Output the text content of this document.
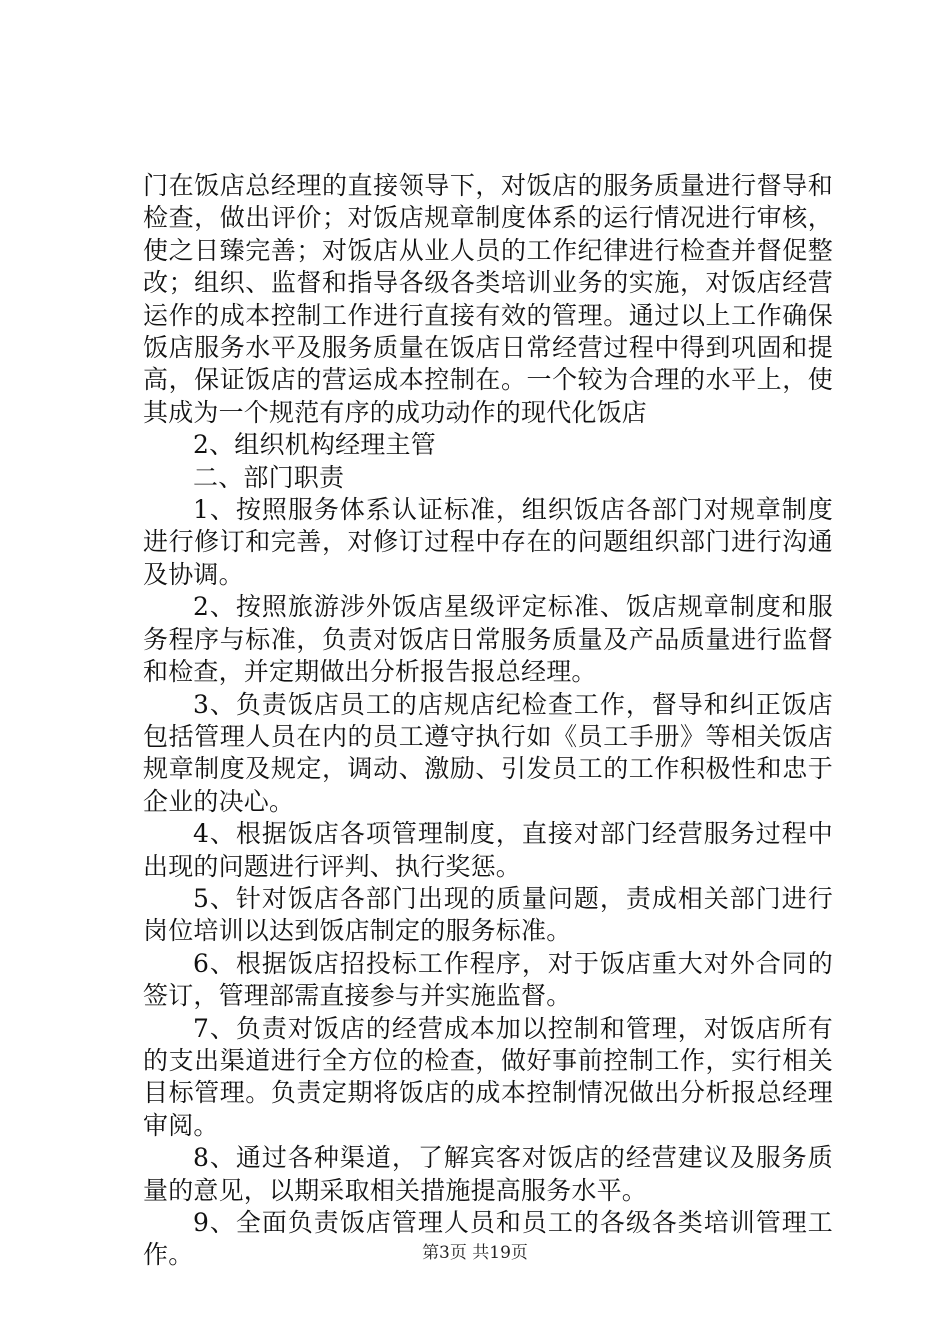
门在饭店总经理的直接领导下，对饭店的服务质量进行督导和检查，做出评价；对饭店规章制度体系的运行情况进行审核，使之日臻完善；对饭店从业人员的工作纪律进行检查并督促整改；组织、监督和指导各级各类培训业务的实施，对饭店经营运作的成本控制工作进行直接有效的管理。通过以上工作确保饭店服务水平及服务质量在饭店日常经营过程中得到巩固和提高，保证饭店的营运成本控制在。一个较为合理的水平上，使其成为一个规范有序的成功动作的现代化饭店

2、组织机构经理主管

二、部门职责

1、按照服务体系认证标准，组织饭店各部门对规章制度进行修订和完善，对修订过程中存在的问题组织部门进行沟通及协调。

2、按照旅游涉外饭店星级评定标准、饭店规章制度和服务程序与标准，负责对饭店日常服务质量及产品质量进行监督和检查，并定期做出分析报告报总经理。

3、负责饭店员工的店规店纪检查工作，督导和纠正饭店包括管理人员在内的员工遵守执行如《员工手册》等相关饭店规章制度及规定，调动、激励、引发员工的工作积极性和忠于企业的决心。

4、根据饭店各项管理制度，直接对部门经营服务过程中出现的问题进行评判、执行奖惩。

5、针对饭店各部门出现的质量问题，责成相关部门进行岗位培训以达到饭店制定的服务标准。

6、根据饭店招投标工作程序，对于饭店重大对外合同的签订，管理部需直接参与并实施监督。

7、负责对饭店的经营成本加以控制和管理，对饭店所有的支出渠道进行全方位的检查，做好事前控制工作，实行相关目标管理。负责定期将饭店的成本控制情况做出分析报总经理审阅。

8、通过各种渠道，了解宾客对饭店的经营建议及服务质量的意见，以期采取相关措施提高服务水平。

9、全面负责饭店管理人员和员工的各级各类培训管理工作。	第3页 共19页
